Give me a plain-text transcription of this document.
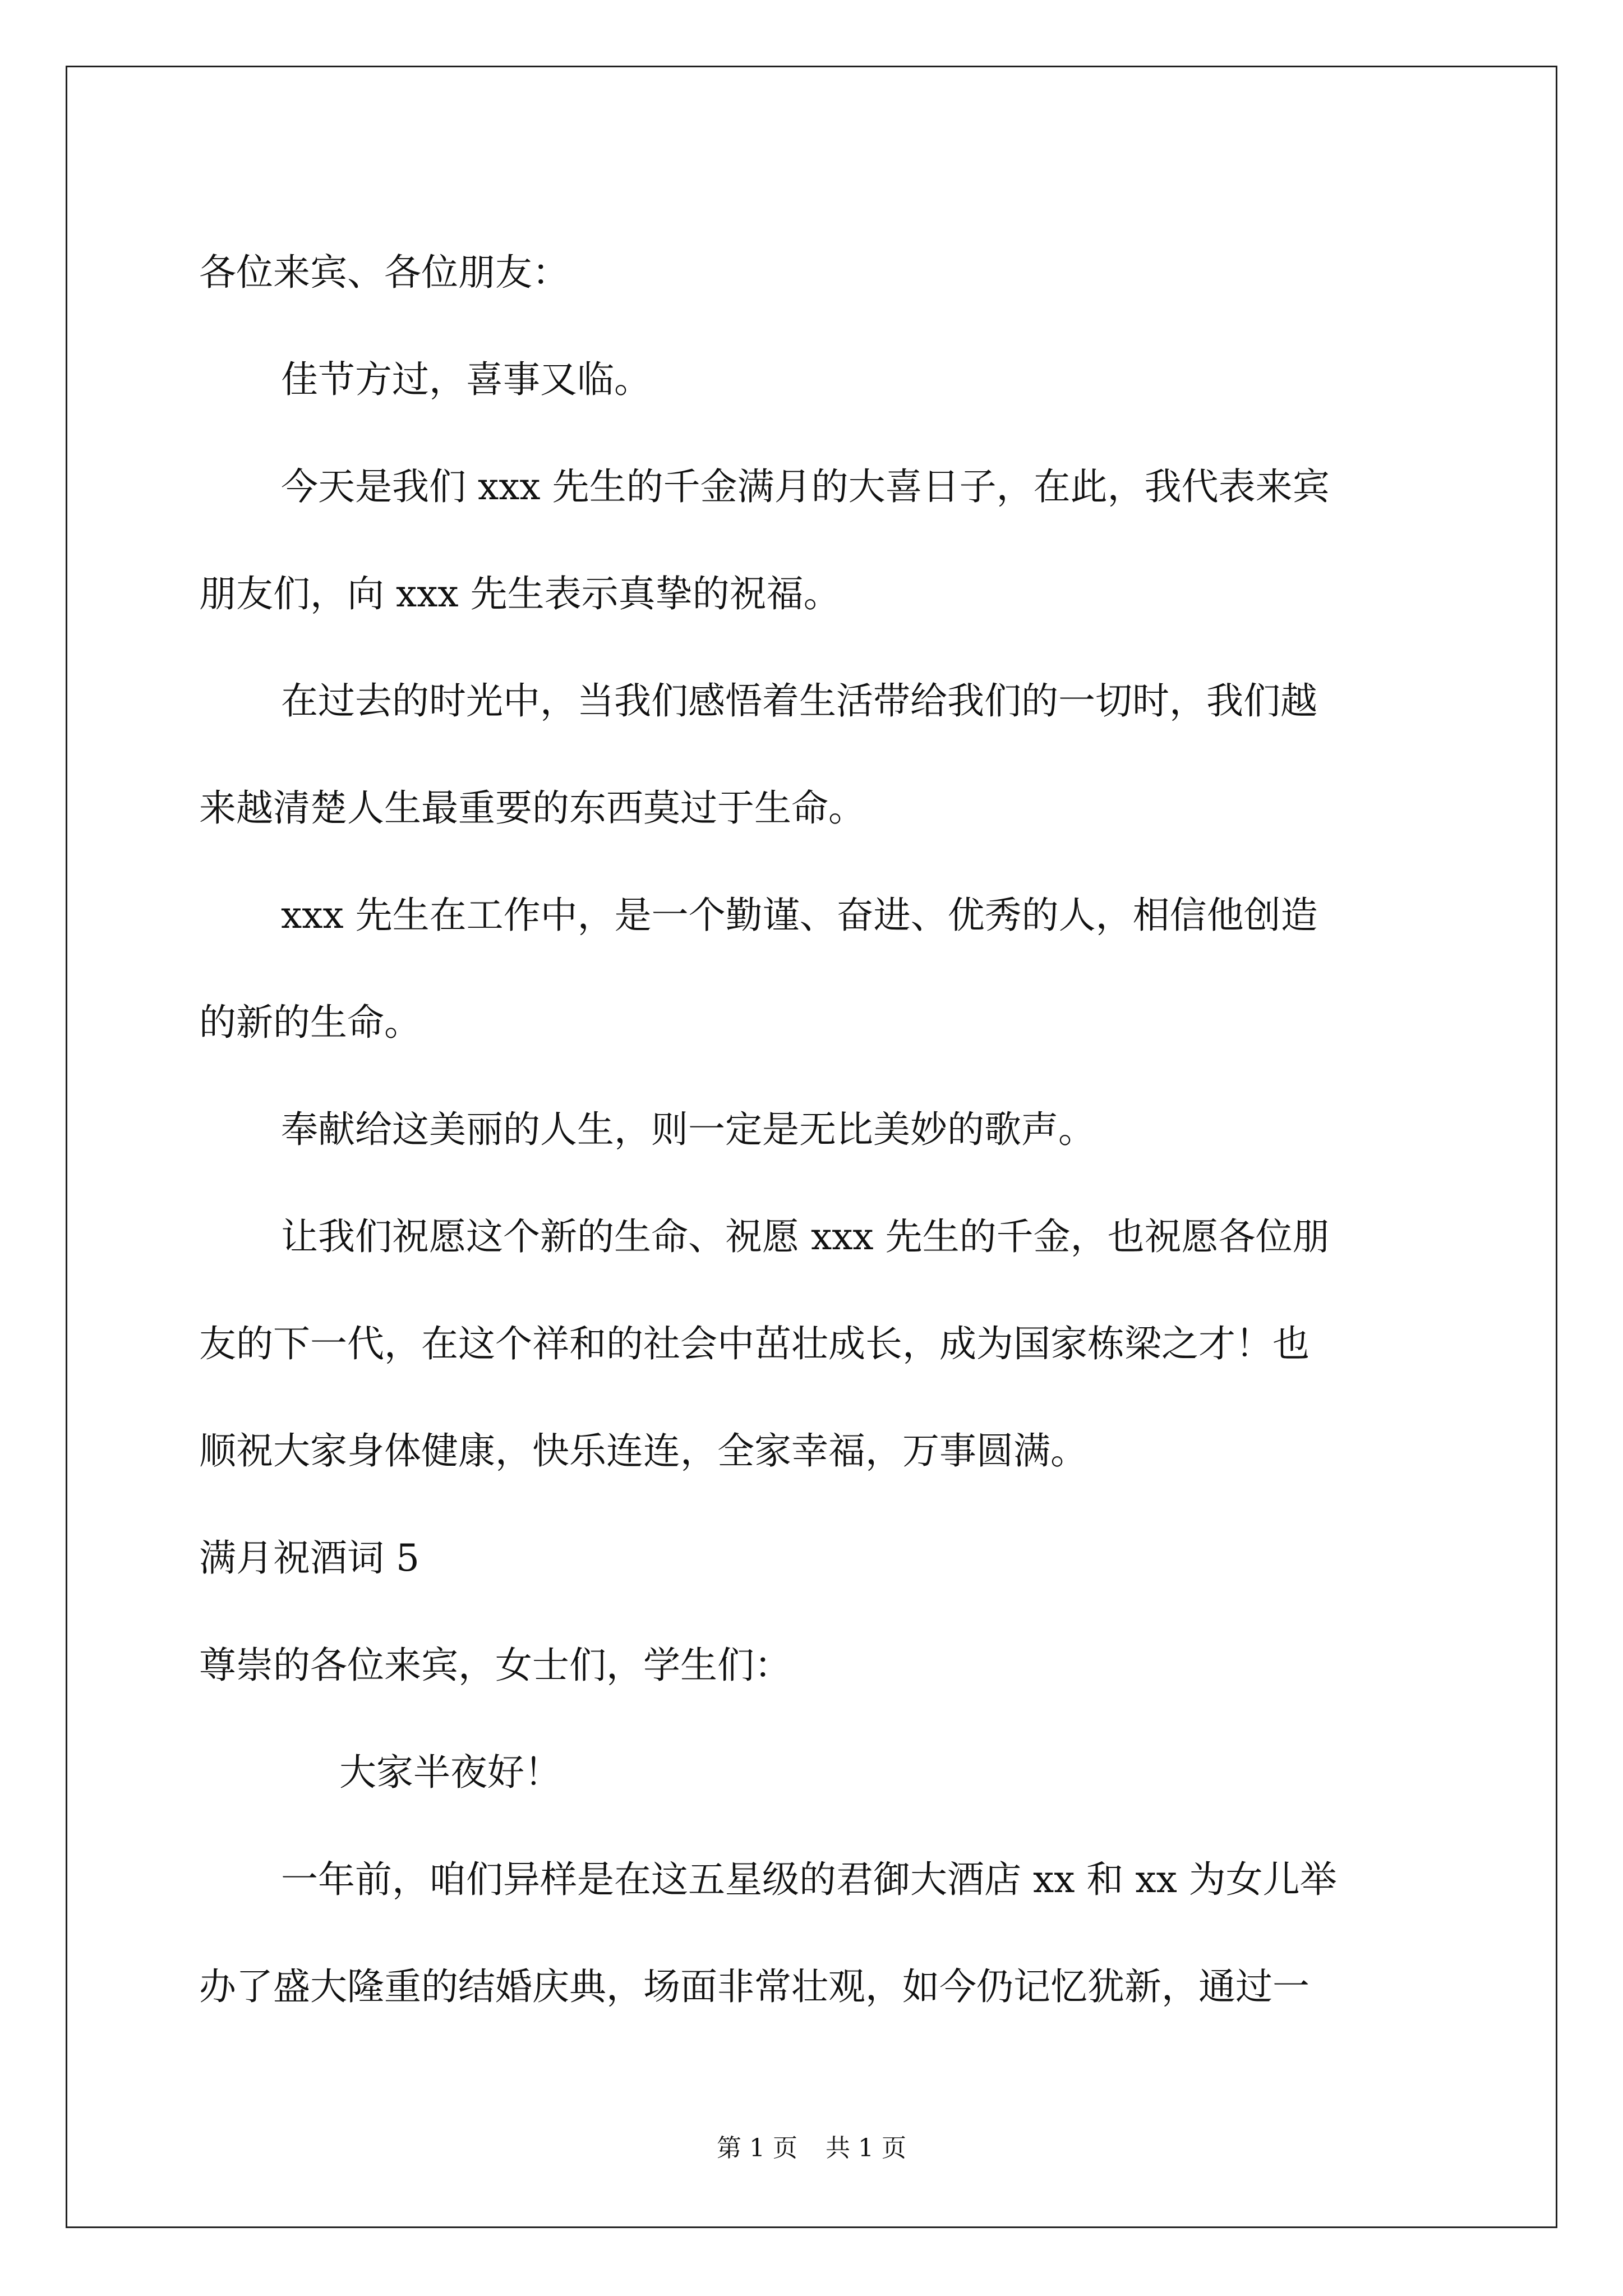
各位来宾、各位朋友：
佳节方过，喜事又临。
今天是我们 xxx 先生的千金满月的大喜日子，在此，我代表来宾
朋友们，向 xxx 先生表示真挚的祝福。
在过去的时光中，当我们感悟着生活带给我们的一切时，我们越
来越清楚人生最重要的东西莫过于生命。
xxx 先生在工作中，是一个勤谨、奋进、优秀的人，相信他创造
的新的生命。
奉献给这美丽的人生，则一定是无比美妙的歌声。
让我们祝愿这个新的生命、祝愿 xxx 先生的千金，也祝愿各位朋
友的下一代，在这个祥和的社会中茁壮成长，成为国家栋梁之才！也
顺祝大家身体健康，快乐连连，全家幸福，万事圆满。
满月祝酒词 5
尊崇的各位来宾，女士们，学生们：
大家半夜好！
一年前，咱们异样是在这五星级的君御大酒店 xx 和 xx 为女儿举
办了盛大隆重的结婚庆典，场面非常壮观，如今仍记忆犹新，通过一
第 1 页 共 1 页
